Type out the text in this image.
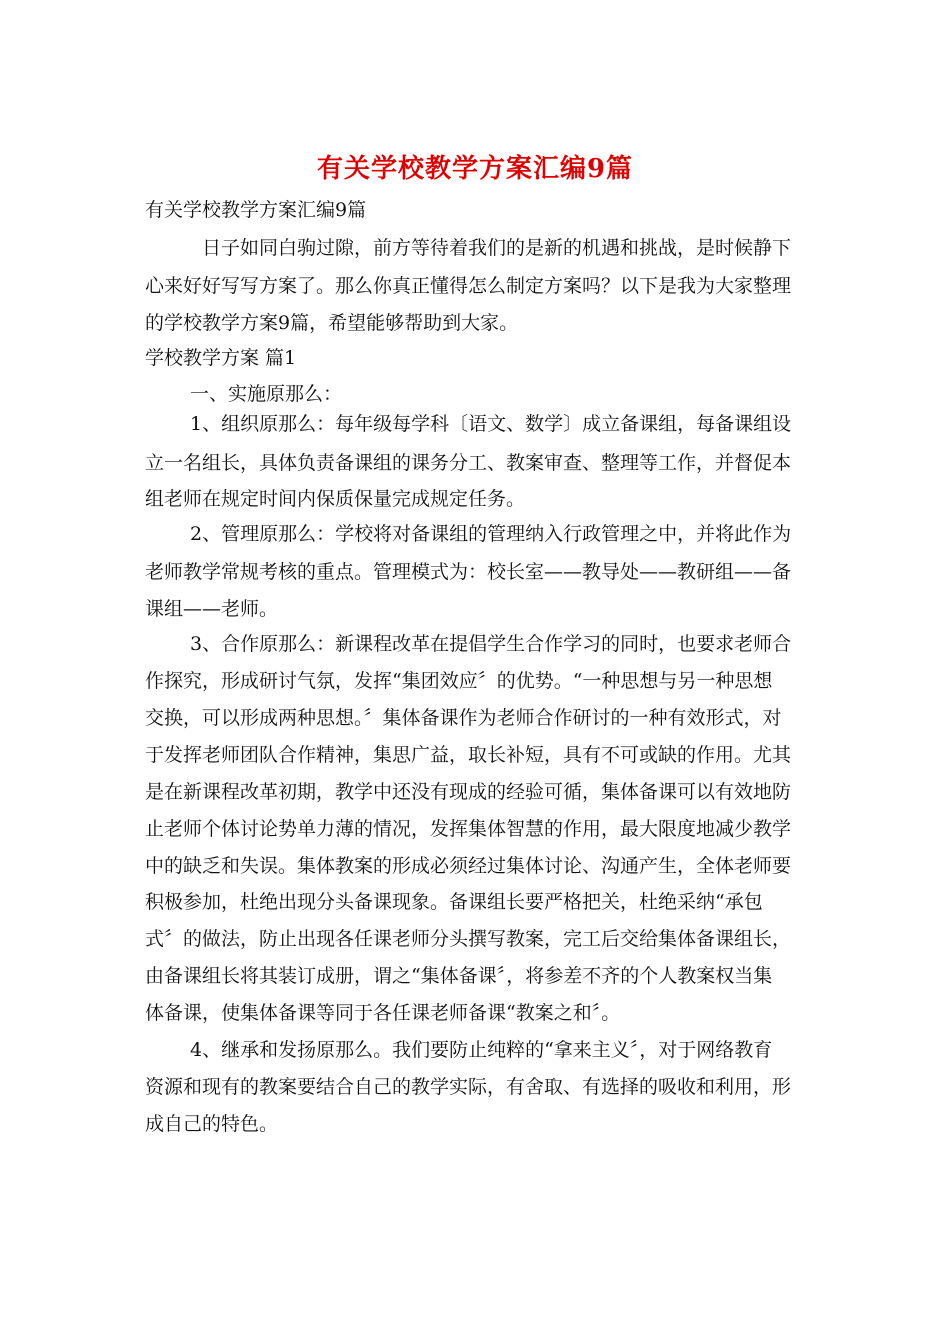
有关学校教学方案汇编9篇
有关学校教学方案汇编9篇
日子如同白驹过隙，前方等待着我们的是新的机遇和挑战，是时候静下
心来好好写写方案了。那么你真正懂得怎么制定方案吗？以下是我为大家整理
的学校教学方案9篇，希望能够帮助到大家。
学校教学方案 篇1
一、实施原那么：
1、组织原那么：每年级每学科〔语文、数学〕成立备课组，每备课组设
立一名组长，具体负责备课组的课务分工、教案审查、整理等工作，并督促本
组老师在规定时间内保质保量完成规定任务。
2、管理原那么：学校将对备课组的管理纳入行政管理之中，并将此作为
老师教学常规考核的重点。管理模式为：校长室——教导处——教研组——备
课组——老师。
3、合作原那么：新课程改革在提倡学生合作学习的同时，也要求老师合
作探究，形成研讨气氛，发挥“集团效应〞的优势。“一种思想与另一种思想
交换，可以形成两种思想。〞集体备课作为老师合作研讨的一种有效形式，对
于发挥老师团队合作精神，集思广益，取长补短，具有不可或缺的作用。尤其
是在新课程改革初期，教学中还没有现成的经验可循，集体备课可以有效地防
止老师个体讨论势单力薄的情况，发挥集体智慧的作用，最大限度地减少教学
中的缺乏和失误。集体教案的形成必须经过集体讨论、沟通产生，全体老师要
积极参加，杜绝出现分头备课现象。备课组长要严格把关，杜绝采纳“承包
式〞的做法，防止出现各任课老师分头撰写教案，完工后交给集体备课组长，
由备课组长将其装订成册，谓之“集体备课〞，将参差不齐的个人教案权当集
体备课，使集体备课等同于各任课老师备课“教案之和〞。
4、继承和发扬原那么。我们要防止纯粹的“拿来主义〞，对于网络教育
资源和现有的教案要结合自己的教学实际，有舍取、有选择的吸收和利用，形
成自己的特色。
